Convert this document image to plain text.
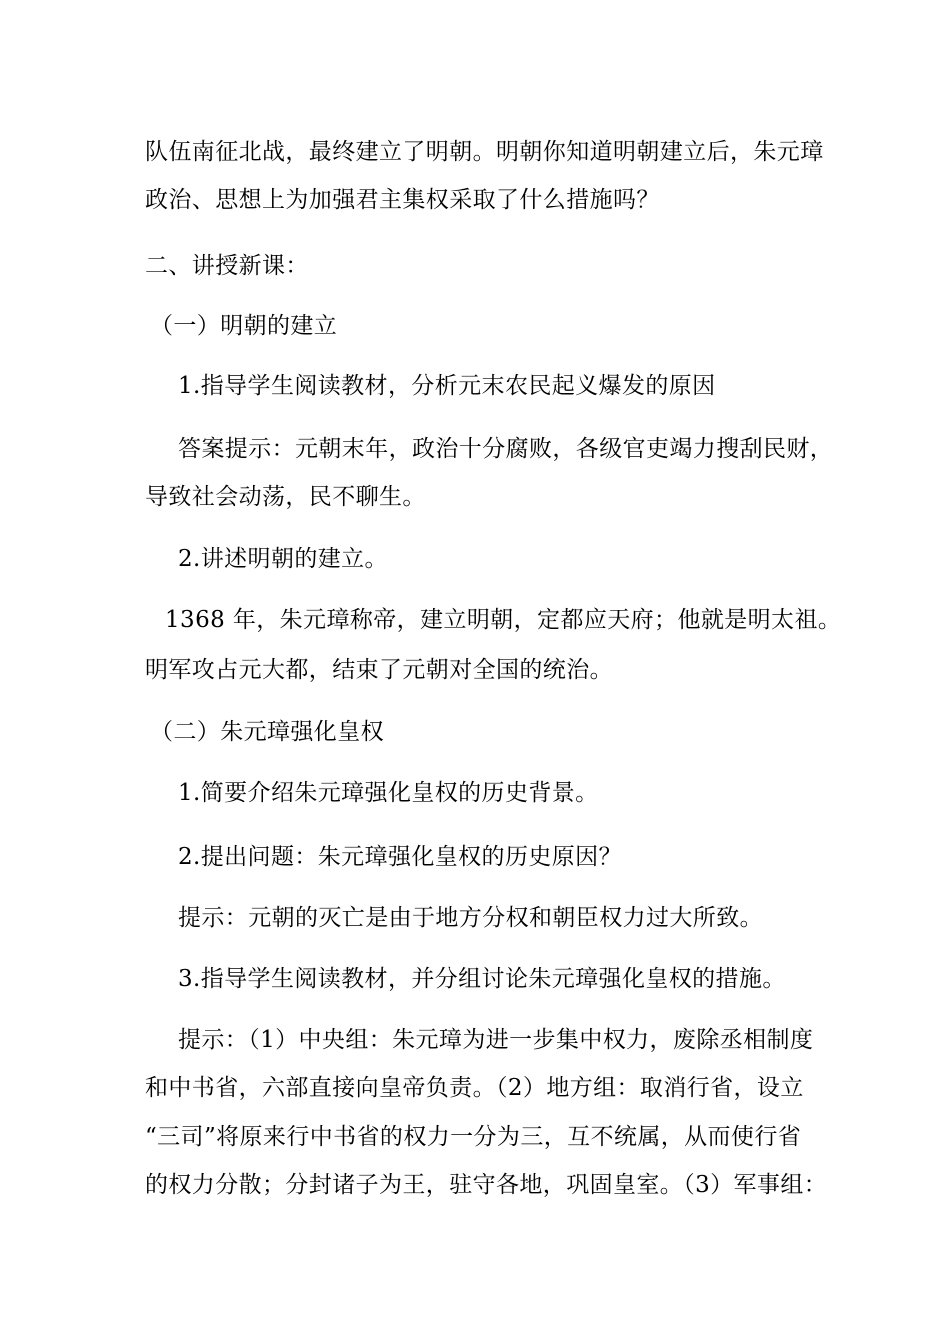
队伍南征北战，最终建立了明朝。明朝你知道明朝建立后，朱元璋
政治、思想上为加强君主集权采取了什么措施吗？
二、讲授新课：
（一）明朝的建立
1.指导学生阅读教材，分析元末农民起义爆发的原因
答案提示：元朝末年，政治十分腐败，各级官吏竭力搜刮民财，
导致社会动荡，民不聊生。
2.讲述明朝的建立。
1368 年，朱元璋称帝，建立明朝，定都应天府；他就是明太祖。
明军攻占元大都，结束了元朝对全国的统治。
（二）朱元璋强化皇权
1.简要介绍朱元璋强化皇权的历史背景。
2.提出问题：朱元璋强化皇权的历史原因？
提示：元朝的灭亡是由于地方分权和朝臣权力过大所致。
3.指导学生阅读教材，并分组讨论朱元璋强化皇权的措施。
提示：（1）中央组：朱元璋为进一步集中权力，废除丞相制度
和中书省，六部直接向皇帝负责。（2）地方组：取消行省，设立
“三司”将原来行中书省的权力一分为三，互不统属，从而使行省
的权力分散；分封诸子为王，驻守各地，巩固皇室。（3）军事组：
